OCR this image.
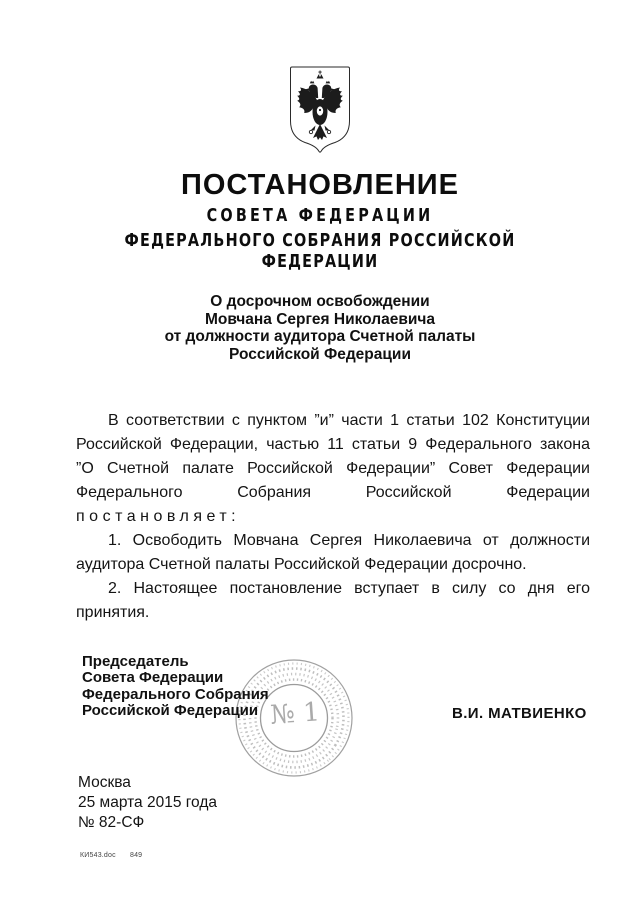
ПОСТАНОВЛЕНИЕ
СОВЕТА ФЕДЕРАЦИИ
ФЕДЕРАЛЬНОГО СОБРАНИЯ РОССИЙСКОЙ ФЕДЕРАЦИИ
О досрочном освобождении
Мовчана Сергея Николаевича
от должности аудитора Счетной палаты
Российской Федерации
В соответствии с пунктом ”и” части 1 статьи 102 Конституции
Российской Федерации, частью 11 статьи 9 Федерального закона
”О Счетной палате Российской Федерации” Совет Федерации
Федерального Собрания Российской Федерации
постановляет:
1. Освободить Мовчана Сергея Николаевича от должности
аудитора Счетной палаты Российской Федерации досрочно.
2. Настоящее постановление вступает в силу со дня его
принятия.
№ 1
Председатель
Совета Федерации
Федерального Собрания
Российской Федерации	В.И. МАТВИЕНКО
Москва
25 марта 2015 года
№ 82-СФ
КИ543.doc 849
